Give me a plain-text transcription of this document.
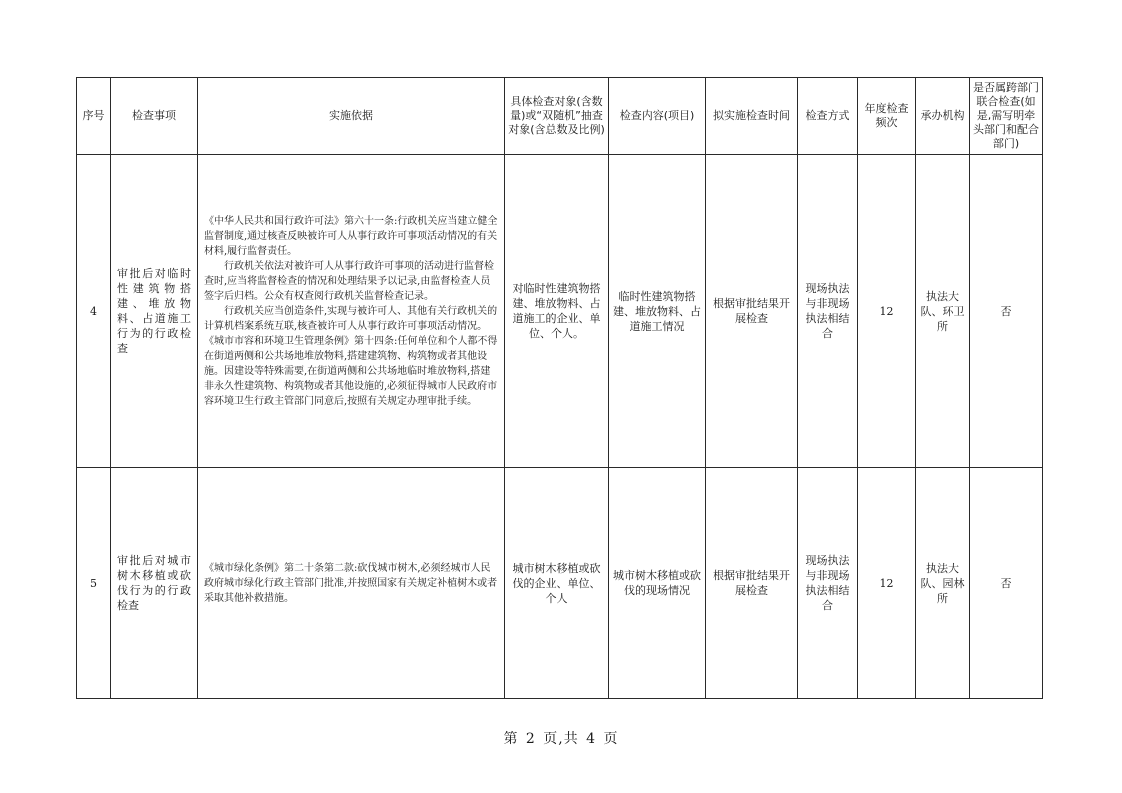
序号	检查事项	实施依据	具体检查对象(含数量)或“双随机”抽查对象(含总数及比例)	检查内容(项目)	拟实施检查时间	检查方式	年度检查频次	承办机构	是否属跨部门联合检查(如是,需写明牵头部门和配合部门)
4	审批后对临时性建筑物搭建、堆放物料、占道施工行为的行政检查	《中华人民共和国行政许可法》第六十一条:行政机关应当建立健全监督制度,通过核查反映被许可人从事行政许可事项活动情况的有关材料,履行监督责任。

行政机关依法对被许可人从事行政许可事项的活动进行监督检查时,应当将监督检查的情况和处理结果予以记录,由监督检查人员签字后归档。公众有权查阅行政机关监督检查记录。

行政机关应当创造条件,实现与被许可人、其他有关行政机关的计算机档案系统互联,核查被许可人从事行政许可事项活动情况。《城市市容和环境卫生管理条例》第十四条:任何单位和个人都不得在街道两侧和公共场地堆放物料,搭建建筑物、构筑物或者其他设施。因建设等特殊需要,在街道两侧和公共场地临时堆放物料,搭建非永久性建筑物、构筑物或者其他设施的,必须征得城市人民政府市容环境卫生行政主管部门同意后,按照有关规定办理审批手续。	对临时性建筑物搭建、堆放物料、占道施工的企业、单位、个人。	临时性建筑物搭建、堆放物料、占道施工情况	根据审批结果开展检查	现场执法与非现场执法相结合	12	执法大队、环卫所	否
5	审批后对城市树木移植或砍伐行为的行政检查	《城市绿化条例》第二十条第二款:砍伐城市树木,必须经城市人民政府城市绿化行政主管部门批准,并按照国家有关规定补植树木或者采取其他补救措施。	城市树木移植或砍伐的企业、单位、个人	城市树木移植或砍伐的现场情况	根据审批结果开展检查	现场执法与非现场执法相结合	12	执法大队、园林所	否
第 2 页,共 4 页
